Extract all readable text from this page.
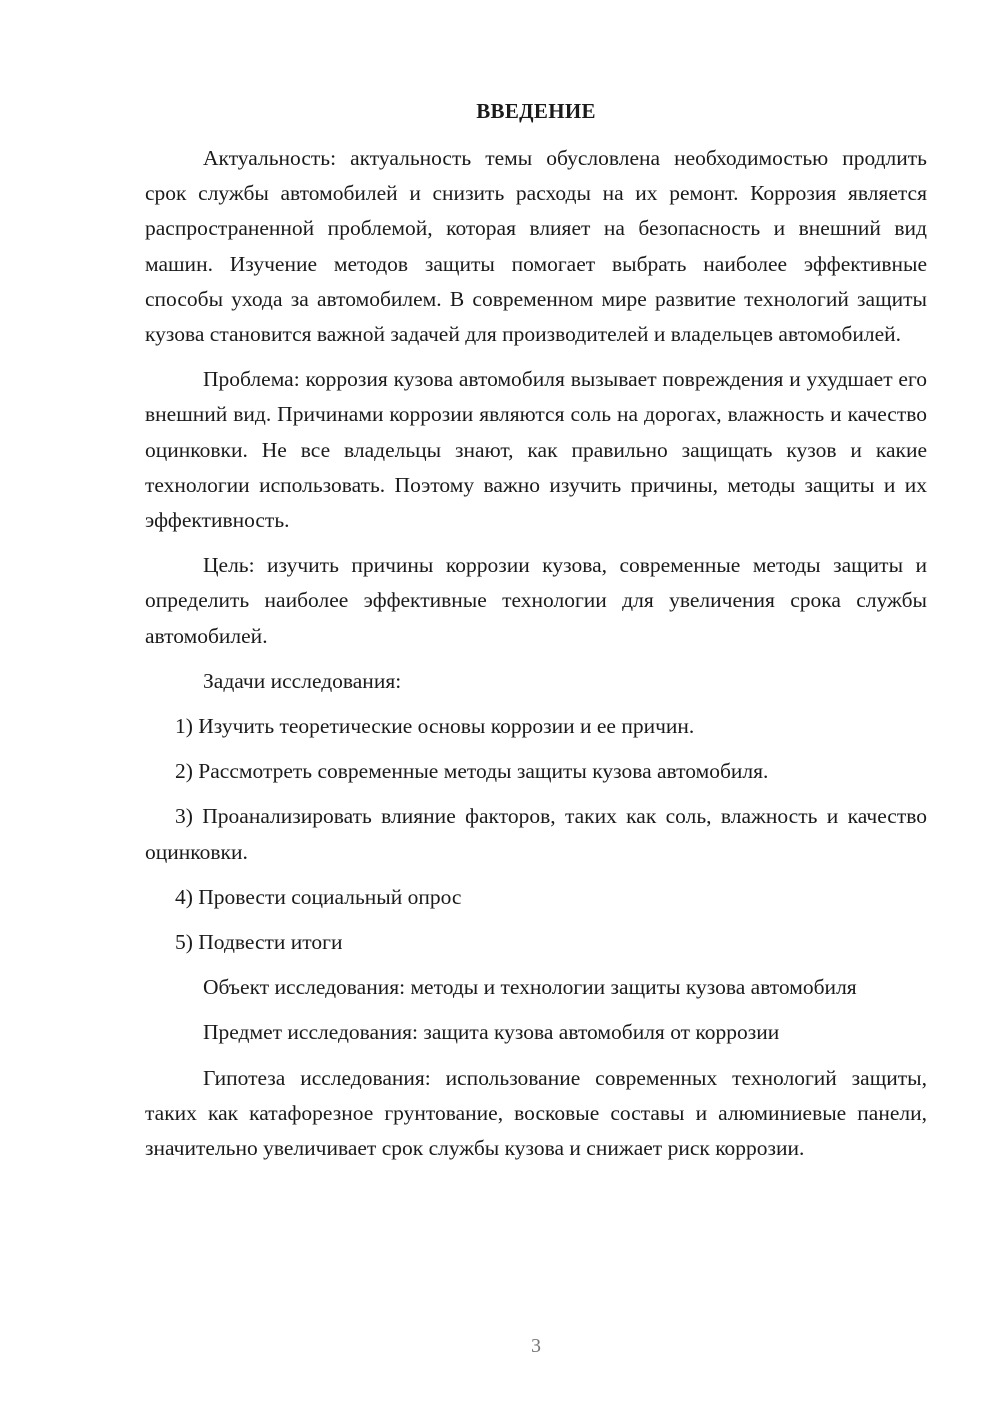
ВВЕДЕНИЕ

Актуальность: актуальность темы обусловлена необходимостью продлить срок службы автомобилей и снизить расходы на их ремонт. Коррозия является распространенной проблемой, которая влияет на безопасность и внешний вид машин. Изучение методов защиты помогает выбрать наиболее эффективные способы ухода за автомобилем. В современном мире развитие технологий защиты кузова становится важной задачей для производителей и владельцев автомобилей.

Проблема: коррозия кузова автомобиля вызывает повреждения и ухудшает его внешний вид. Причинами коррозии являются соль на дорогах, влажность и качество оцинковки. Не все владельцы знают, как правильно защищать кузов и какие технологии использовать. Поэтому важно изучить причины, методы защиты и их эффективность.

Цель: изучить причины коррозии кузова, современные методы защиты и определить наиболее эффективные технологии для увеличения срока службы автомобилей.

Задачи исследования:

1) Изучить теоретические основы коррозии и ее причин.

2) Рассмотреть современные методы защиты кузова автомобиля.

3) Проанализировать влияние факторов, таких как соль, влажность и качество оцинковки.

4) Провести социальный опрос

5) Подвести итоги

Объект исследования: методы и технологии защиты кузова автомобиля

Предмет исследования: защита кузова автомобиля от коррозии

Гипотеза исследования: использование современных технологий защиты, таких как катафорезное грунтование, восковые составы и алюминиевые панели, значительно увеличивает срок службы кузова и снижает риск коррозии.

3
